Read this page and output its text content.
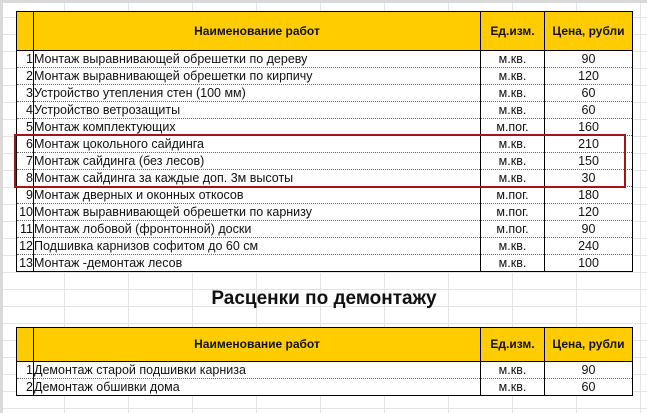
	Наименование работ	Ед.изм.	Цена, рубли
1	Монтаж выравнивающей обрешетки по дереву	м.кв.	90
2	Монтаж выравнивающей обрешетки по кирпичу	м.кв.	120
3	Устройство утепления стен (100 мм)	м.кв.	60
4	Устройство ветрозащиты	м.кв.	60
5	Монтаж комплектующих	м.пог.	160
6	Монтаж цокольного сайдинга	м.кв.	210
7	Монтаж сайдинга (без лесов)	м.кв.	150
8	Монтаж сайдинга за каждые доп. 3м высоты	м.кв.	30
9	Монтаж дверных и оконных откосов	м.пог.	180
10	Монтаж выравнивающей обрешетки по карнизу	м.пог.	120
11	Монтаж лобовой (фронтонной) доски	м.пог.	90
12	Подшивка карнизов софитом до 60 см	м.кв.	240
13	Монтаж -демонтаж лесов	м.кв.	100
Расценки по демонтажу
	Наименование работ	Ед.изм.	Цена, рубли
1	Демонтаж старой подшивки карниза	м.кв.	90
2	Демонтаж обшивки дома	м.кв.	60
